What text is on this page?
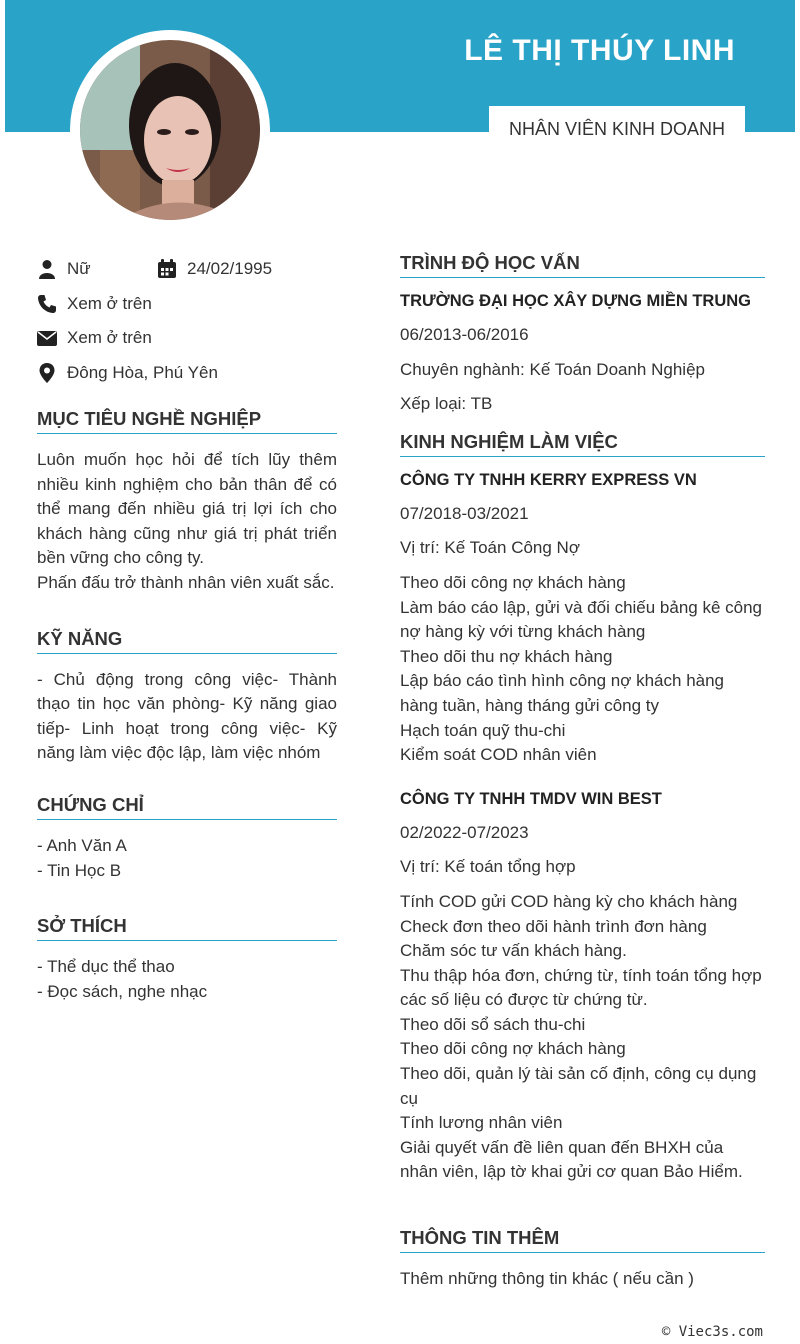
LÊ THỊ THÚY LINH
NHÂN VIÊN KINH DOANH
Nữ	24/02/1995
Xem ở trên
Xem ở trên
Đông Hòa, Phú Yên
MỤC TIÊU NGHỀ NGHIỆP
Luôn muốn học hỏi để tích lũy thêm nhiều kinh nghiệm cho bản thân để có thể mang đến nhiều giá trị lợi ích cho khách hàng cũng như giá trị phát triển bền vững cho công ty.
Phấn đấu trở thành nhân viên xuất sắc.
KỸ NĂNG
- Chủ động trong công việc- Thành thạo tin học văn phòng- Kỹ năng giao tiếp- Linh hoạt trong công việc- Kỹ năng làm việc độc lập, làm việc nhóm
CHỨNG CHỈ
- Anh Văn A
- Tin Học B
SỞ THÍCH
- Thể dục thể thao
- Đọc sách, nghe nhạc
TRÌNH ĐỘ HỌC VẤN
TRƯỜNG ĐẠI HỌC XÂY DỰNG MIỀN TRUNG
06/2013-06/2016
Chuyên nghành: Kế Toán Doanh Nghiệp
Xếp loại: TB
KINH NGHIỆM LÀM VIỆC
CÔNG TY TNHH KERRY EXPRESS VN
07/2018-03/2021
Vị trí: Kế Toán Công Nợ
Theo dõi công nợ khách hàng
Làm báo cáo lập, gửi và đối chiếu bảng kê công nợ hàng kỳ với từng khách hàng
Theo dõi thu nợ khách hàng
Lập báo cáo tình hình công nợ khách hàng hàng tuần, hàng tháng gửi công ty
Hạch toán quỹ thu-chi
Kiểm soát COD nhân viên
CÔNG TY TNHH TMDV WIN BEST
02/2022-07/2023
Vị trí: Kế toán tổng hợp
Tính COD gửi COD hàng kỳ cho khách hàng
Check đơn theo dõi hành trình đơn hàng
Chăm sóc tư vấn khách hàng.
Thu thập hóa đơn, chứng từ, tính toán tổng hợp các số liệu có được từ chứng từ.
Theo dõi sổ sách thu-chi
Theo dõi công nợ khách hàng
Theo dõi, quản lý tài sản cố định, công cụ dụng cụ
Tính lương nhân viên
Giải quyết vấn đề liên quan đến BHXH của nhân viên, lập tờ khai gửi cơ quan Bảo Hiểm.
THÔNG TIN THÊM
Thêm những thông tin khác ( nếu cần )
© Viec3s.com
